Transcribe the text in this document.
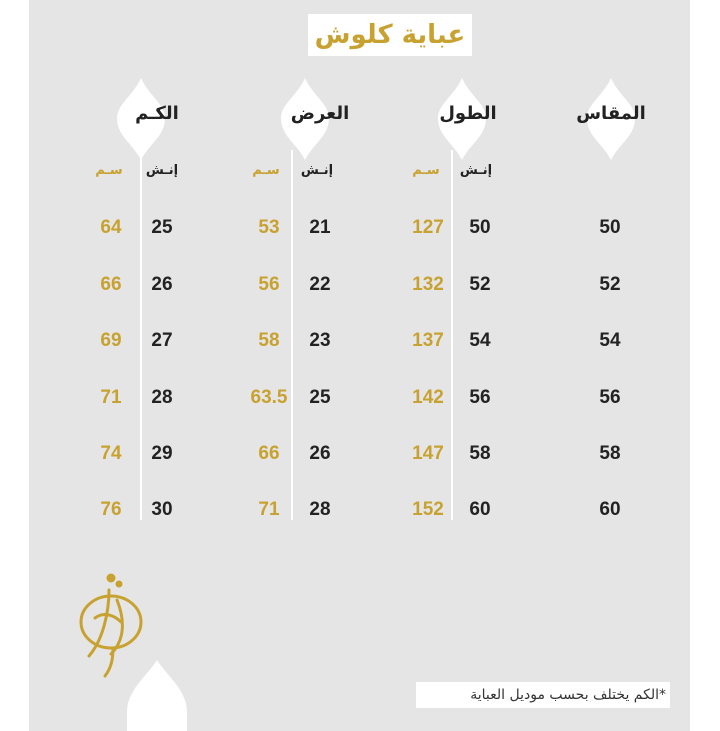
عباية كلوش
المقاس
الطول
العرض
الكـم
إنـش
سـم
إنـش
سـم
إنـش
سـم
50
50
127
21
53
25
64
52
52
132
22
56
26
66
54
54
137
23
58
27
69
56
56
142
25
63.5
28
71
58
58
147
26
66
29
74
60
60
152
28
71
30
76
*الكم يختلف بحسب موديل العباية
